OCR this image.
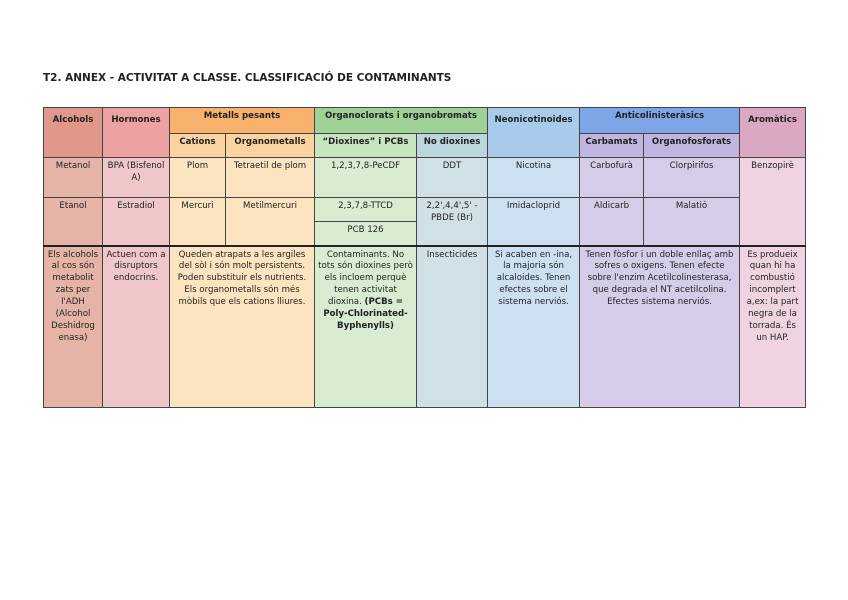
T2. ANNEX - ACTIVITAT A CLASSE. CLASSIFICACIÓ DE CONTAMINANTS
Alcohols	Hormones	Metalls pesants		Organoclorats i organobromats		Neonicotinoides	Anticolinisteràsics		Aromàtics
		Cations	Organometalls	“Dioxines” i PCBs	No dioxines		Carbamats	Organofosforats	
Metanol	BPA (Bisfenol A)	Plom	Tetraetil de plom	1,2,3,7,8-PeCDF	DDT	Nicotina	Carbofurà	Clorpirifos	Benzopirè
Etanol	Estradiol	Mercuri	Metilmercuri	2,3,7,8-TTCD	2,2',4,4',5' -PBDE (Br)	Imidacloprid	Aldicarb	Malatió	
				PCB 126					
Els alcohols al cos són metabolit zats per l'ADH (Alcohol Deshidrog enasa)	Actuen com a disruptors endocrins.	Queden atrapats a les argiles del sòl i són molt persistents. Poden substituir els nutrients. Els organometalls són més mòbils que els cations lliures.		Contaminants. No tots són dioxines però els incloem perquè tenen activitat dioxina. (PCBs = Poly-Chlorinated-Byphenylls)	Insecticides	Si acaben en -ina, la majoria són alcaloides. Tenen efectes sobre el sistema nerviós.	Tenen fòsfor i un doble enllaç amb sofres o oxigens. Tenen efecte sobre l'enzim Acetilcolinesterasa, que degrada el NT acetilcolina. Efectes sistema nerviós.		Es produeix quan hi ha combustió incomplert a,ex: la part negra de la torrada. És un HAP.
